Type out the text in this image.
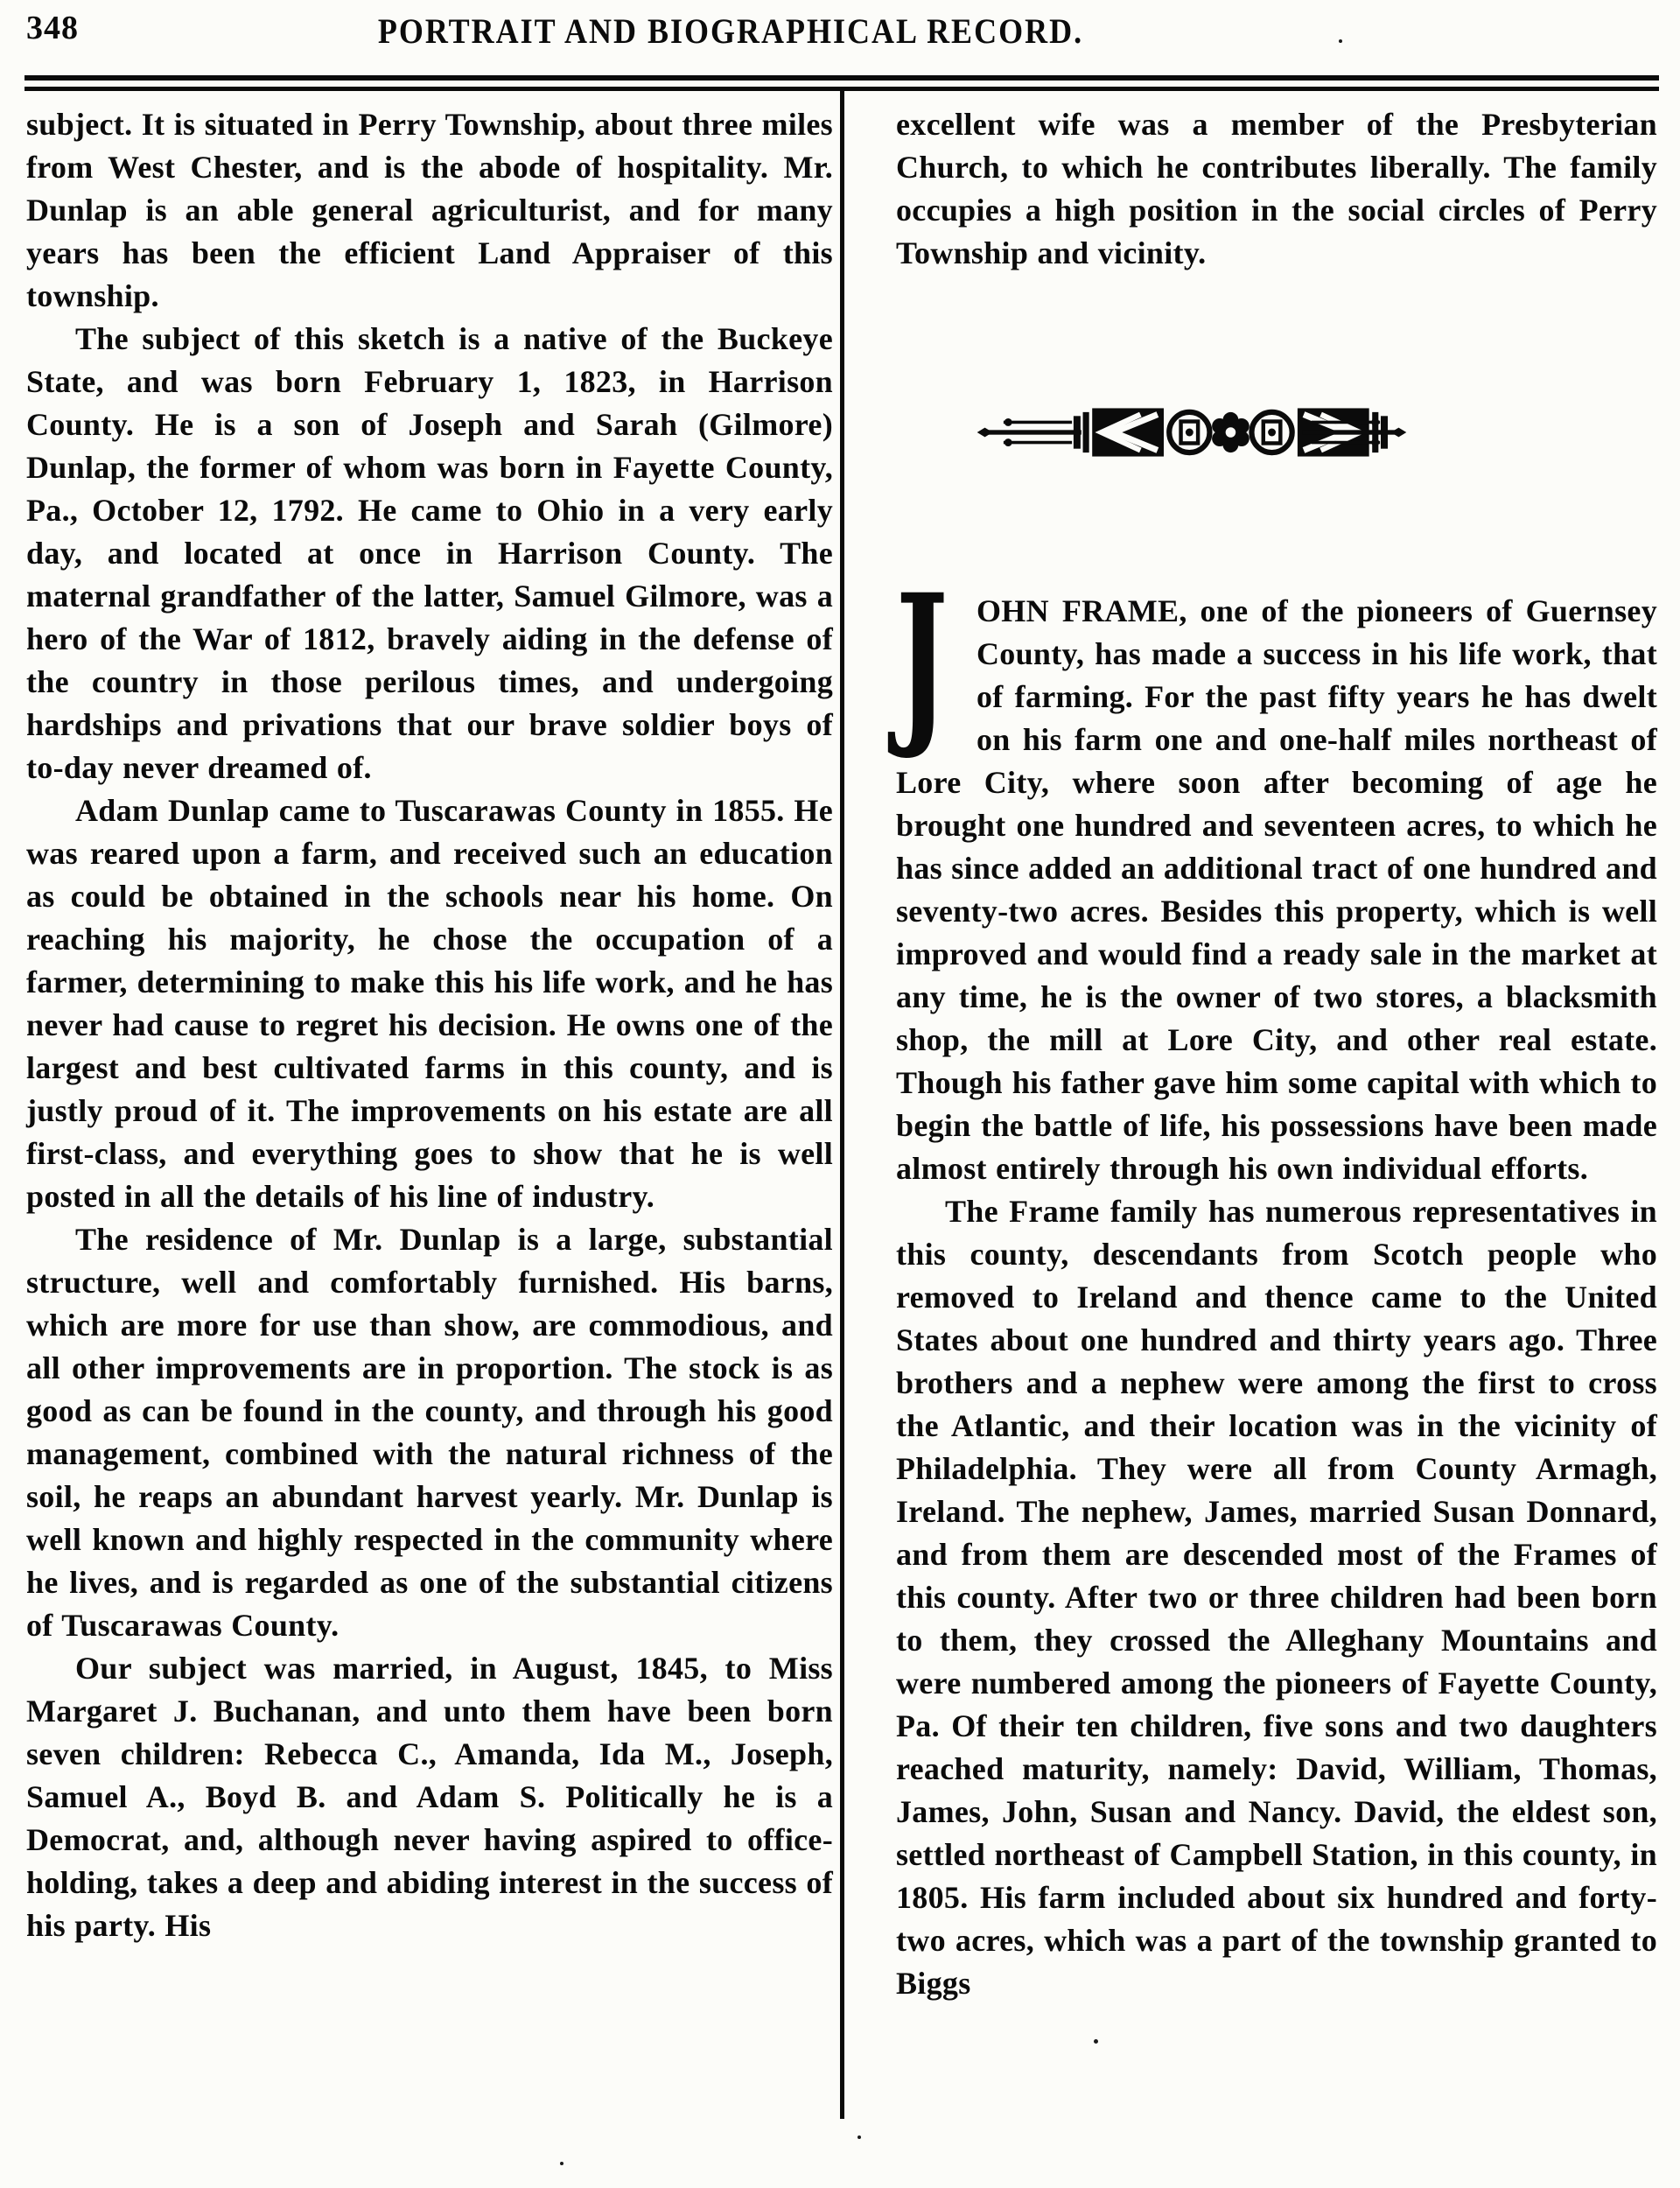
348	PORTRAIT AND BIOGRAPHICAL RECORD.

subject. It is situated in Perry Township, about three miles from West Chester, and is the abode of hospitality. Mr. Dunlap is an able general agriculturist, and for many years has been the efficient Land Appraiser of this township.

The subject of this sketch is a native of the Buckeye State, and was born February 1, 1823, in Harrison County. He is a son of Joseph and Sarah (Gilmore) Dunlap, the former of whom was born in Fayette County, Pa., October 12, 1792. He came to Ohio in a very early day, and located at once in Harrison County. The maternal grandfather of the latter, Samuel Gilmore, was a hero of the War of 1812, bravely aiding in the defense of the country in those perilous times, and undergoing hardships and privations that our brave soldier boys of to-day never dreamed of.

Adam Dunlap came to Tuscarawas County in 1855. He was reared upon a farm, and received such an education as could be obtained in the schools near his home. On reaching his majority, he chose the occupation of a farmer, determining to make this his life work, and he has never had cause to regret his decision. He owns one of the largest and best cultivated farms in this county, and is justly proud of it. The improvements on his estate are all first-class, and everything goes to show that he is well posted in all the details of his line of industry.

The residence of Mr. Dunlap is a large, substantial structure, well and comfortably furnished. His barns, which are more for use than show, are commodious, and all other improvements are in proportion. The stock is as good as can be found in the county, and through his good management, combined with the natural richness of the soil, he reaps an abundant harvest yearly. Mr. Dunlap is well known and highly respected in the community where he lives, and is regarded as one of the substantial citizens of Tuscarawas County.

Our subject was married, in August, 1845, to Miss Margaret J. Buchanan, and unto them have been born seven children: Rebecca C., Amanda, Ida M., Joseph, Samuel A., Boyd B. and Adam S. Politically he is a Democrat, and, although never having aspired to office-holding, takes a deep and abiding interest in the success of his party. His

excellent wife was a member of the Presbyterian Church, to which he contributes liberally. The family occupies a high position in the social circles of Perry Township and vicinity.

J OHN FRAME, one of the pioneers of Guernsey County, has made a success in his life work, that of farming. For the past fifty years he has dwelt on his farm one and one-half miles northeast of Lore City, where soon after becoming of age he brought one hundred and seventeen acres, to which he has since added an additional tract of one hundred and seventy-two acres. Besides this property, which is well improved and would find a ready sale in the market at any time, he is the owner of two stores, a blacksmith shop, the mill at Lore City, and other real estate. Though his father gave him some capital with which to begin the battle of life, his possessions have been made almost entirely through his own individual efforts.

The Frame family has numerous representatives in this county, descendants from Scotch people who removed to Ireland and thence came to the United States about one hundred and thirty years ago. Three brothers and a nephew were among the first to cross the Atlantic, and their location was in the vicinity of Philadelphia. They were all from County Armagh, Ireland. The nephew, James, married Susan Donnard, and from them are descended most of the Frames of this county. After two or three children had been born to them, they crossed the Alleghany Mountains and were numbered among the pioneers of Fayette County, Pa. Of their ten children, five sons and two daughters reached maturity, namely: David, William, Thomas, James, John, Susan and Nancy. David, the eldest son, settled northeast of Campbell Station, in this county, in 1805. His farm included about six hundred and forty-two acres, which was a part of the township granted to Biggs
